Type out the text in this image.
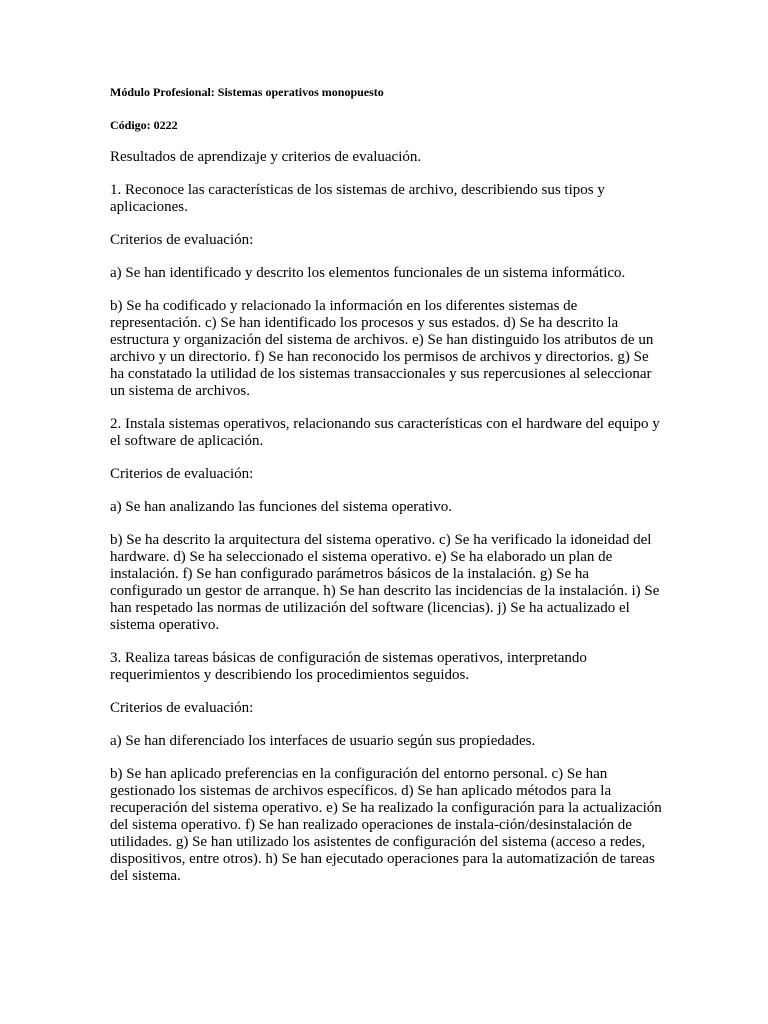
Módulo Profesional: Sistemas operativos monopuesto

Código: 0222

Resultados de aprendizaje y criterios de evaluación.

1. Reconoce las características de los sistemas de archivo, describiendo sus tipos y aplicaciones.

Criterios de evaluación:

a) Se han identificado y descrito los elementos funcionales de un sistema informático.

b) Se ha codificado y relacionado la información en los diferentes sistemas de representación. c) Se han identificado los procesos y sus estados. d) Se ha descrito la estructura y organización del sistema de archivos. e) Se han distinguido los atributos de un archivo y un directorio. f) Se han reconocido los permisos de archivos y directorios. g) Se ha constatado la utilidad de los sistemas transaccionales y sus repercusiones al seleccionar un sistema de archivos.

2. Instala sistemas operativos, relacionando sus características con el hardware del equipo y el software de aplicación.

Criterios de evaluación:

a) Se han analizando las funciones del sistema operativo.

b) Se ha descrito la arquitectura del sistema operativo. c) Se ha verificado la idoneidad del hardware. d) Se ha seleccionado el sistema operativo. e) Se ha elaborado un plan de instalación. f) Se han configurado parámetros básicos de la instalación. g) Se ha configurado un gestor de arranque. h) Se han descrito las incidencias de la instalación. i) Se han respetado las normas de utilización del software (licencias). j) Se ha actualizado el sistema operativo.

3. Realiza tareas básicas de configuración de sistemas operativos, interpretando requerimientos y describiendo los procedimientos seguidos.

Criterios de evaluación:

a) Se han diferenciado los interfaces de usuario según sus propiedades.

b) Se han aplicado preferencias en la configuración del entorno personal. c) Se han gestionado los sistemas de archivos específicos. d) Se han aplicado métodos para la recuperación del sistema operativo. e) Se ha realizado la configuración para la actualización del sistema operativo. f) Se han realizado operaciones de instala-ción/desinstalación de utilidades. g) Se han utilizado los asistentes de configuración del sistema (acceso a redes, dispositivos, entre otros). h) Se han ejecutado operaciones para la automatización de tareas del sistema.
